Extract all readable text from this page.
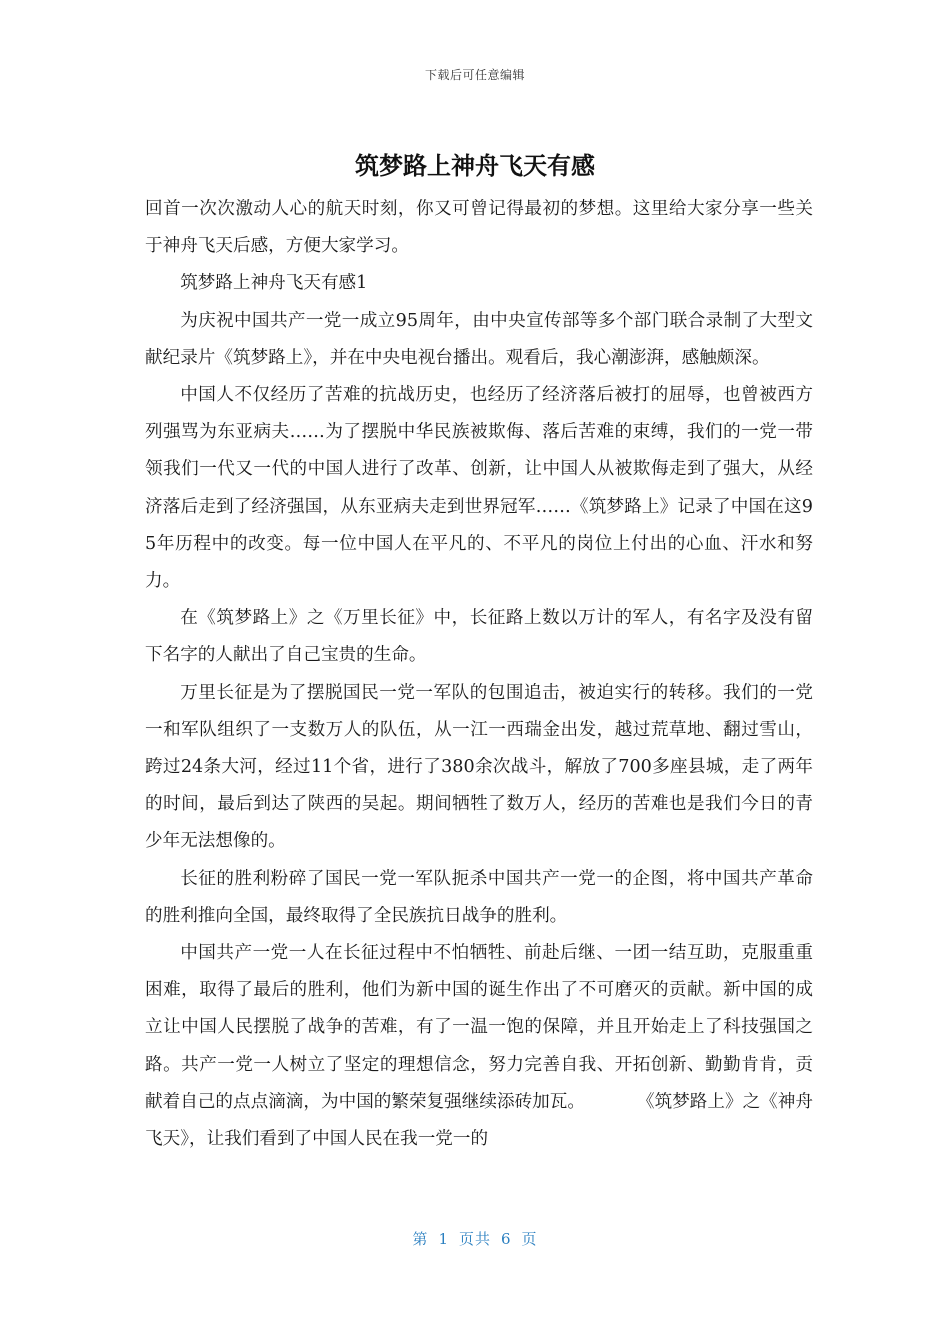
下载后可任意编辑
筑梦路上神舟飞天有感

回首一次次激动人心的航天时刻，你又可曾记得最初的梦想。这里给大家分享一些关于神舟飞天后感，方便大家学习。

筑梦路上神舟飞天有感1

为庆祝中国共产一党一成立95周年，由中央宣传部等多个部门联合录制了大型文献纪录片《筑梦路上》，并在中央电视台播出。观看后，我心潮澎湃，感触颇深。

中国人不仅经历了苦难的抗战历史，也经历了经济落后被打的屈辱，也曾被西方列强骂为东亚病夫……为了摆脱中华民族被欺侮、落后苦难的束缚，我们的一党一带领我们一代又一代的中国人进行了改革、创新，让中国人从被欺侮走到了强大，从经济落后走到了经济强国，从东亚病夫走到世界冠军……《筑梦路上》记录了中国在这95年历程中的改变。每一位中国人在平凡的、不平凡的岗位上付出的心血、汗水和努力。

在《筑梦路上》之《万里长征》中，长征路上数以万计的军人，有名字及没有留下名字的人献出了自己宝贵的生命。

万里长征是为了摆脱国民一党一军队的包围追击，被迫实行的转移。我们的一党一和军队组织了一支数万人的队伍，从一江一西瑞金出发，越过荒草地、翻过雪山，跨过24条大河，经过11个省，进行了380余次战斗，解放了700多座县城，走了两年的时间，最后到达了陕西的吴起。期间牺牲了数万人，经历的苦难也是我们今日的青少年无法想像的。

长征的胜利粉碎了国民一党一军队扼杀中国共产一党一的企图，将中国共产革命的胜利推向全国，最终取得了全民族抗日战争的胜利。

中国共产一党一人在长征过程中不怕牺牲、前赴后继、一团一结互助，克服重重困难，取得了最后的胜利，他们为新中国的诞生作出了不可磨灭的贡献。新中国的成立让中国人民摆脱了战争的苦难，有了一温一饱的保障，并且开始走上了科技强国之路。共产一党一人树立了坚定的理想信念，努力完善自我、开拓创新、勤勤肯肯，贡献着自己的点点滴滴，为中国的繁荣复强继续添砖加瓦。	《筑梦路上》之《神舟飞天》，让我们看到了中国人民在我一党一的

第 1 页共 6 页
